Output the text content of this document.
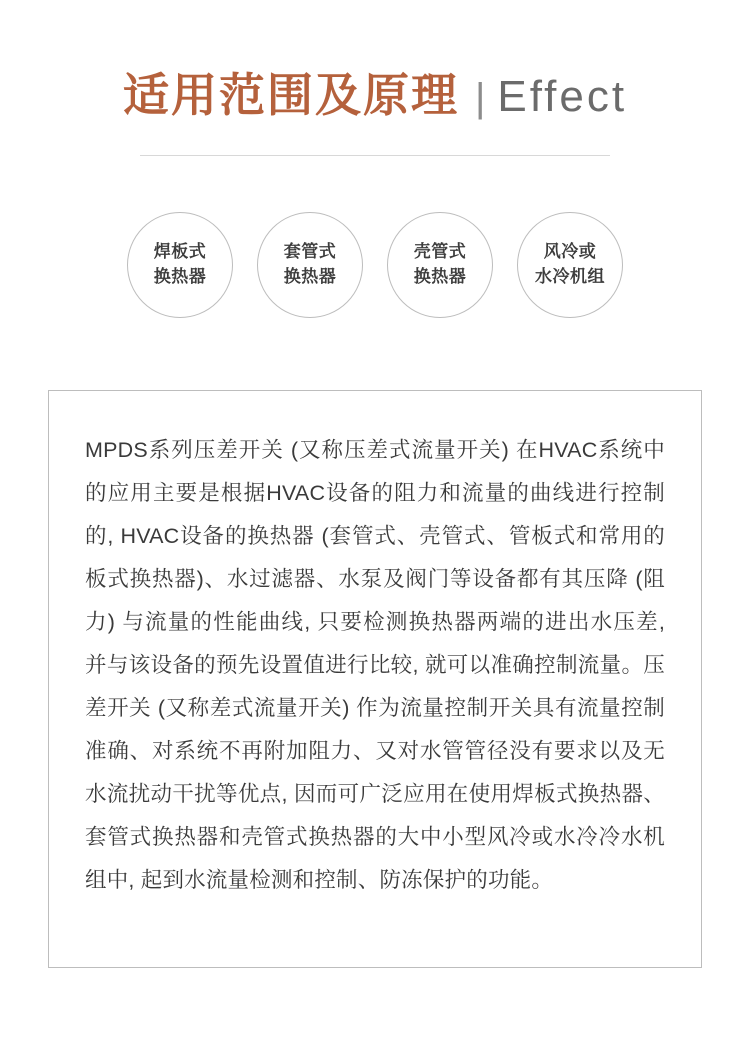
适用范围及原理 | Effect
焊板式
换热器
套管式
换热器
壳管式
换热器
风冷或
水冷机组

MPDS系列压差开关 (又称压差式流量开关) 在HVAC系统中的应用主要是根据HVAC设备的阻力和流量的曲线进行控制的, HVAC设备的换热器 (套管式、壳管式、管板式和常用的板式换热器)、水过滤器、水泵及阀门等设备都有其压降 (阻力) 与流量的性能曲线, 只要检测换热器两端的进出水压差, 并与该设备的预先设置值进行比较, 就可以准确控制流量。压差开关 (又称差式流量开关) 作为流量控制开关具有流量控制准确、对系统不再附加阻力、又对水管管径没有要求以及无水流扰动干扰等优点, 因而可广泛应用在使用焊板式换热器、套管式换热器和壳管式换热器的大中小型风冷或水冷冷水机组中, 起到水流量检测和控制、防冻保护的功能。
